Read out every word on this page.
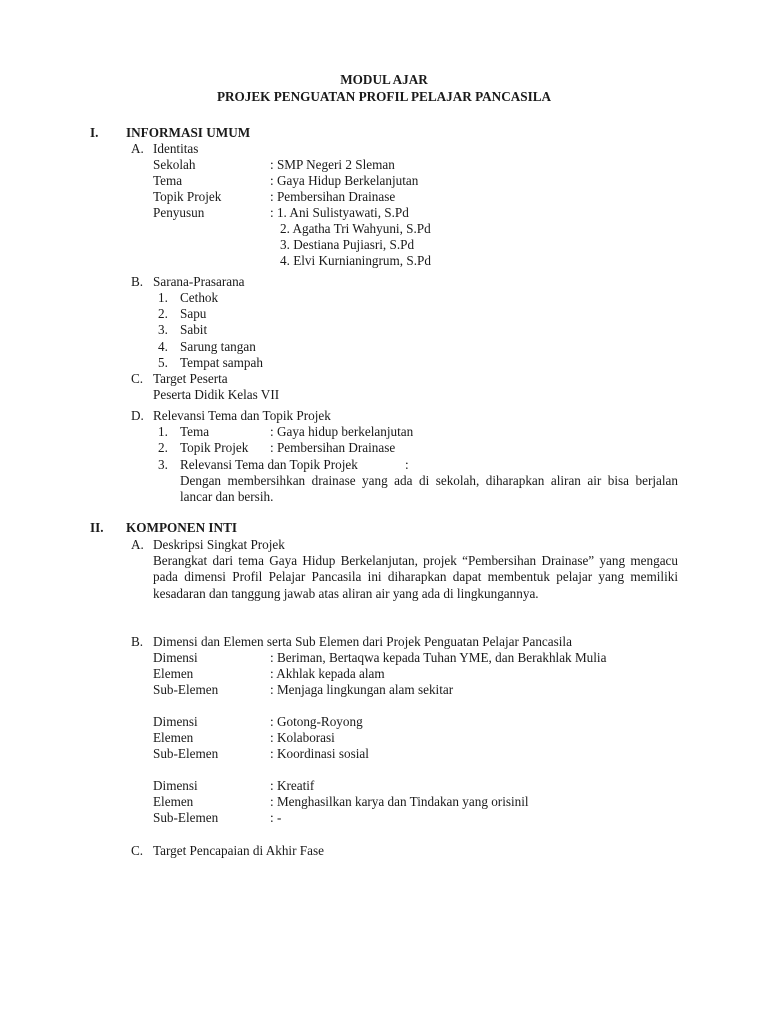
MODUL AJAR
PROJEK PENGUATAN PROFIL PELAJAR PANCASILA
I. INFORMASI UMUM
A. Identitas
Sekolah	: SMP Negeri 2 Sleman
Tema	: Gaya Hidup Berkelanjutan
Topik Projek	: Pembersihan Drainase
Penyusun	: 1. Ani Sulistyawati, S.Pd
2. Agatha Tri Wahyuni, S.Pd
3. Destiana Pujiasri, S.Pd
4. Elvi Kurnianingrum, S.Pd
B. Sarana-Prasarana
1. Cethok
2. Sapu
3. Sabit
4. Sarung tangan
5. Tempat sampah
C. Target Peserta
Peserta Didik Kelas VII
D. Relevansi Tema dan Topik Projek
1. Tema	: Gaya hidup berkelanjutan
2. Topik Projek : Pembersihan Drainase
3. Relevansi Tema dan Topik Projek	:
Dengan membersihkan drainase yang ada di sekolah, diharapkan aliran air bisa berjalan lancar dan bersih.
II. KOMPONEN INTI
A. Deskripsi Singkat Projek
Berangkat dari tema Gaya Hidup Berkelanjutan, projek “Pembersihan Drainase” yang mengacu pada dimensi Profil Pelajar Pancasila ini diharapkan dapat membentuk pelajar yang memiliki kesadaran dan tanggung jawab atas aliran air yang ada di lingkungannya.
B. Dimensi dan Elemen serta Sub Elemen dari Projek Penguatan Pelajar Pancasila
Dimensi	: Beriman, Bertaqwa kepada Tuhan YME, dan Berakhlak Mulia
Elemen	: Akhlak kepada alam
Sub-Elemen	: Menjaga lingkungan alam sekitar
Dimensi	: Gotong-Royong
Elemen	: Kolaborasi
Sub-Elemen	: Koordinasi sosial
Dimensi	: Kreatif
Elemen	: Menghasilkan karya dan Tindakan yang orisinil
Sub-Elemen	: -
C. Target Pencapaian di Akhir Fase
